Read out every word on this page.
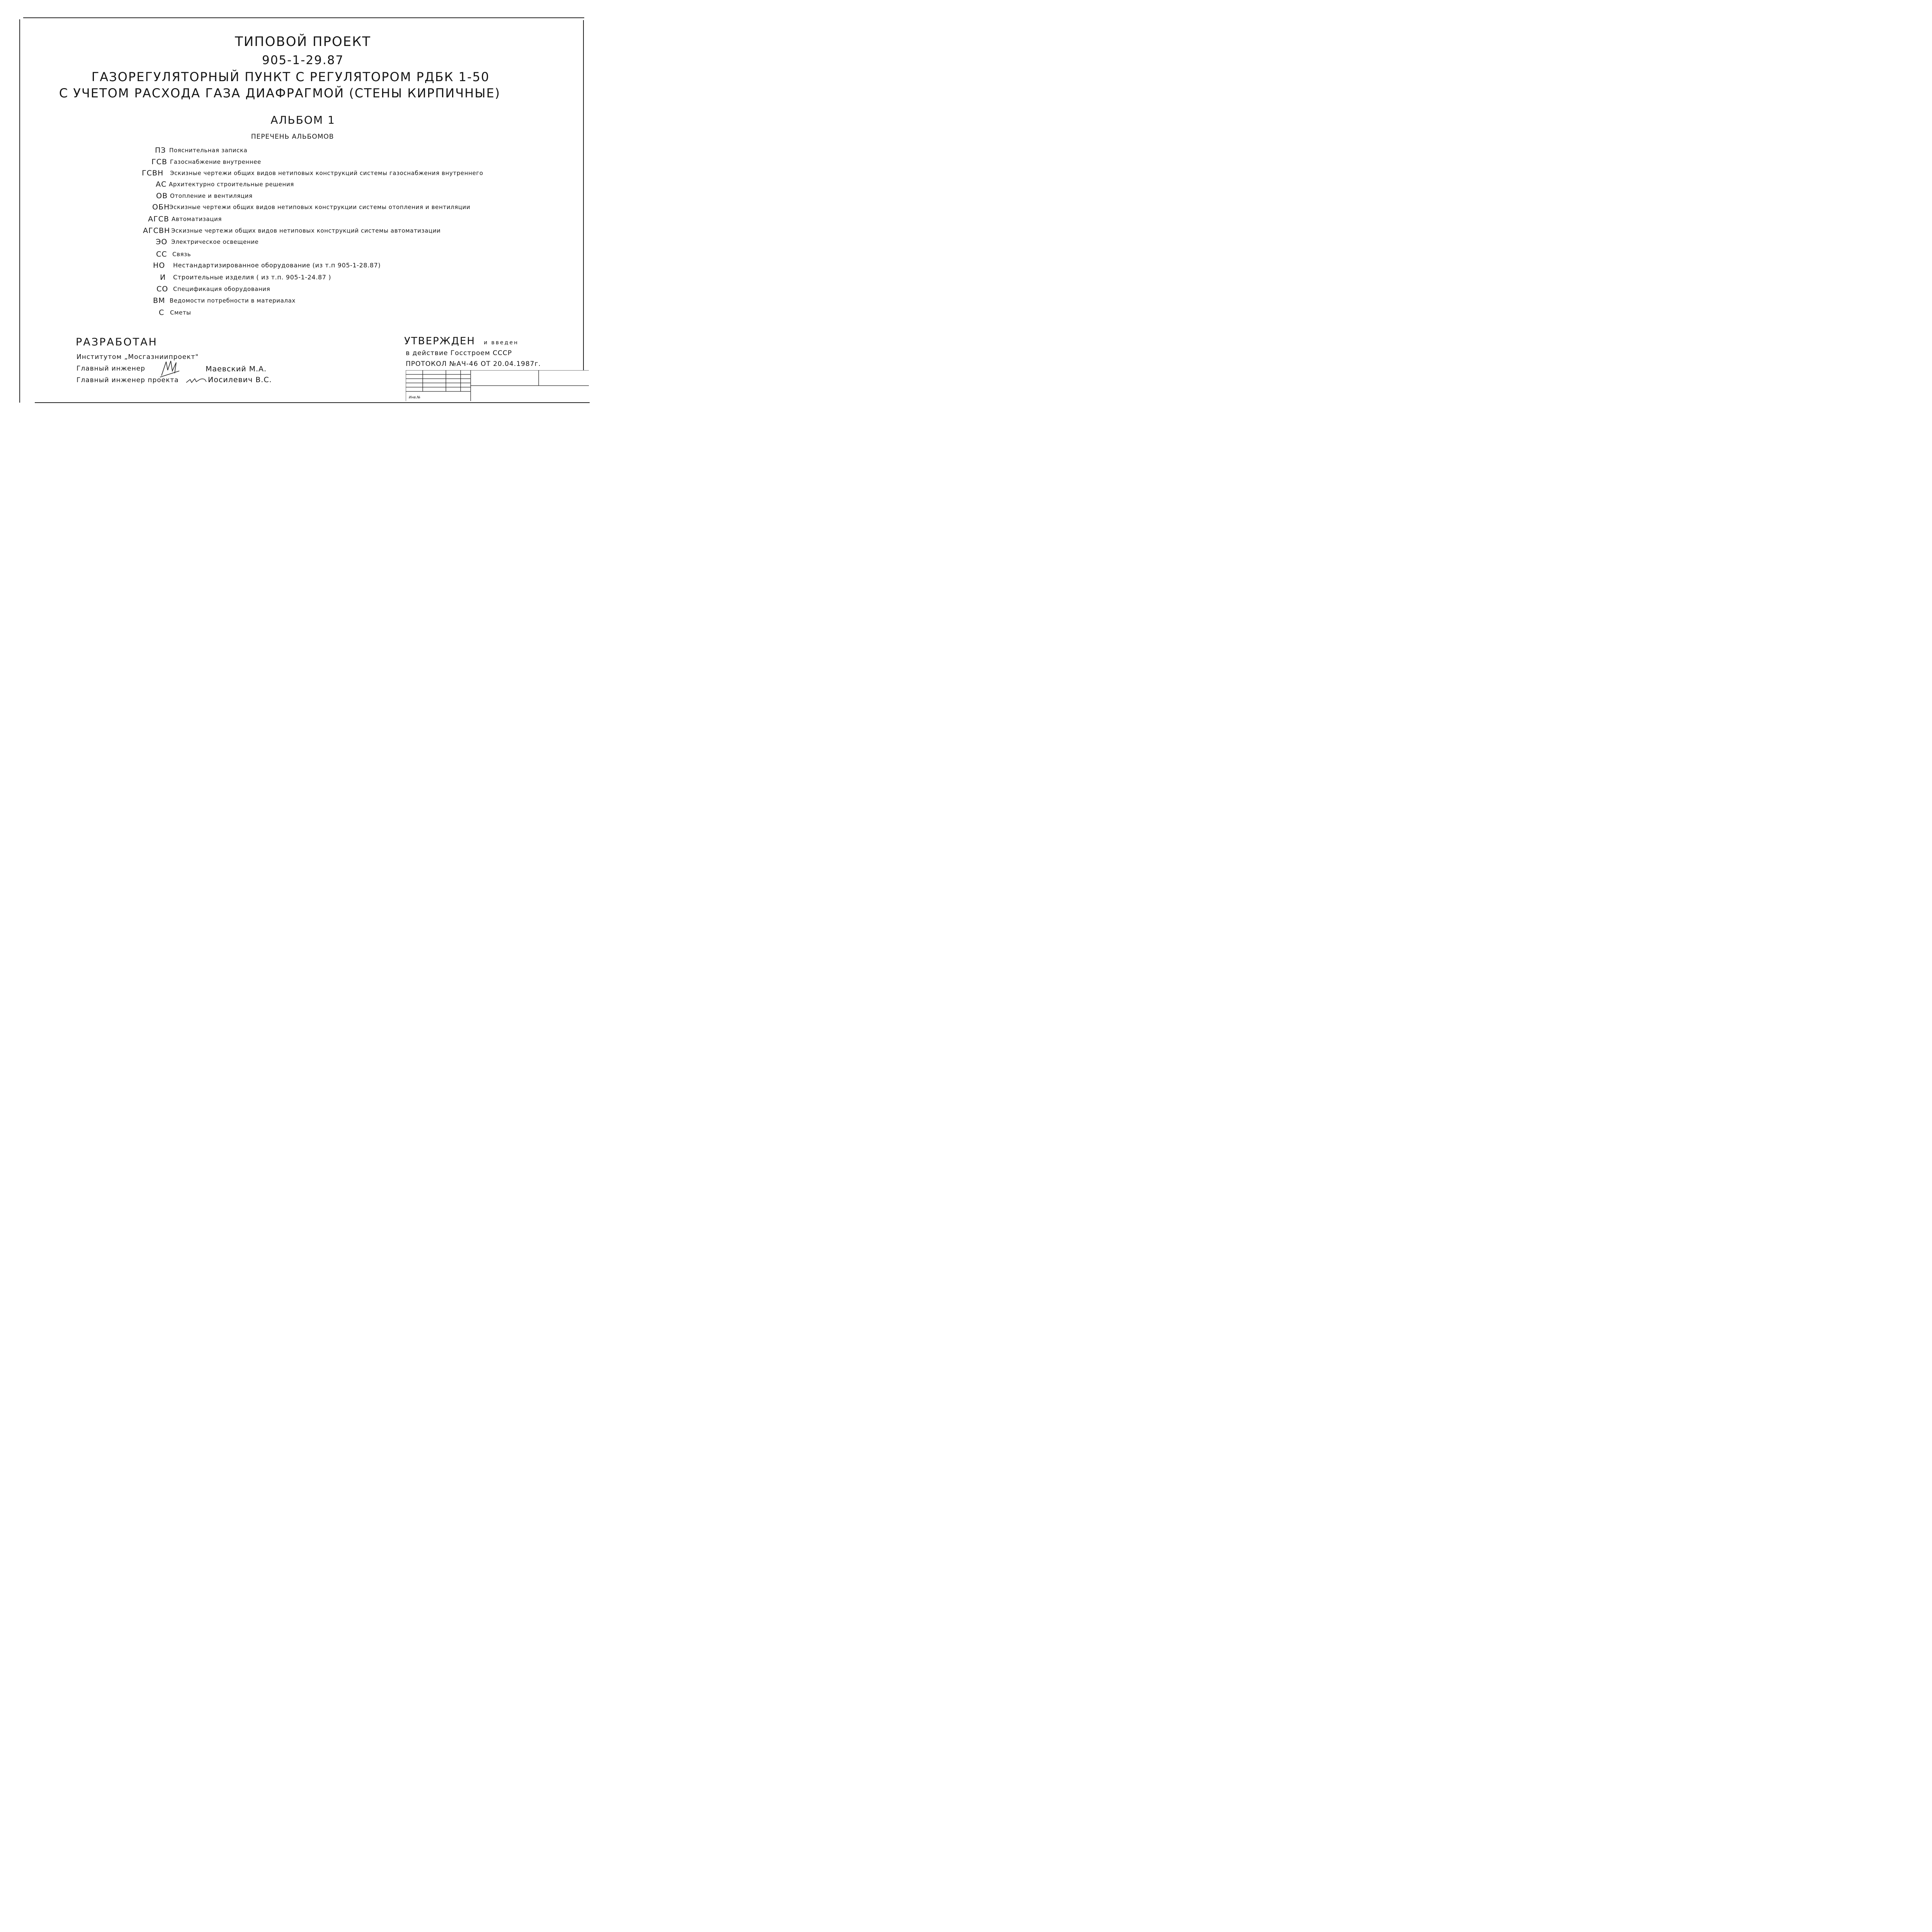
ТИПОВОЙ ПРОЕКТ
905-1-29.87
ГАЗОРЕГУЛЯТОРНЫЙ ПУНКТ С РЕГУЛЯТОРОМ РДБК 1-50
С УЧЕТОМ РАСХОДА ГАЗА ДИАФРАГМОЙ (СТЕНЫ КИРПИЧНЫЕ)
АЛЬБОМ 1
ПЕРЕЧЕНЬ АЛЬБОМОВ
ПЗ Пояснительная записка
ГСВ Газоснабжение внутреннее
ГСВН Эскизные чертежи общих видов нетиповых конструкций системы газоснабжения внутреннего
АС Архитектурно строительные решения
ОВ Отопление и вентиляция
ОБН
Эскизные чертежи общих видов нетиповых конструкции системы отопления и вентиляции
АГСВ Автоматизация
АГСВН Эскизные чертежи общих видов нетиповых конструкций системы автоматизации
ЭО Электрическое освещение
СС Связь
НО Нестандартизированное оборудование (из т.п 905-1-28.87)
И Строительные изделия ( из т.п. 905-1-24.87 )
СО Спецификация оборудования
ВМ Ведомости потребности в материалах
С Сметы
РАЗРАБОТАН
Институтом „Мосгазниипроект"
Главный инженер	Маевский М.А.
Главный инженер проекта	Иосилевич В.С.
УТВЕРЖДЕН и введен
в действие Госстроем СССР
ПРОТОКОЛ №АЧ-46 ОТ 20.04.1987г.
Инв.№
